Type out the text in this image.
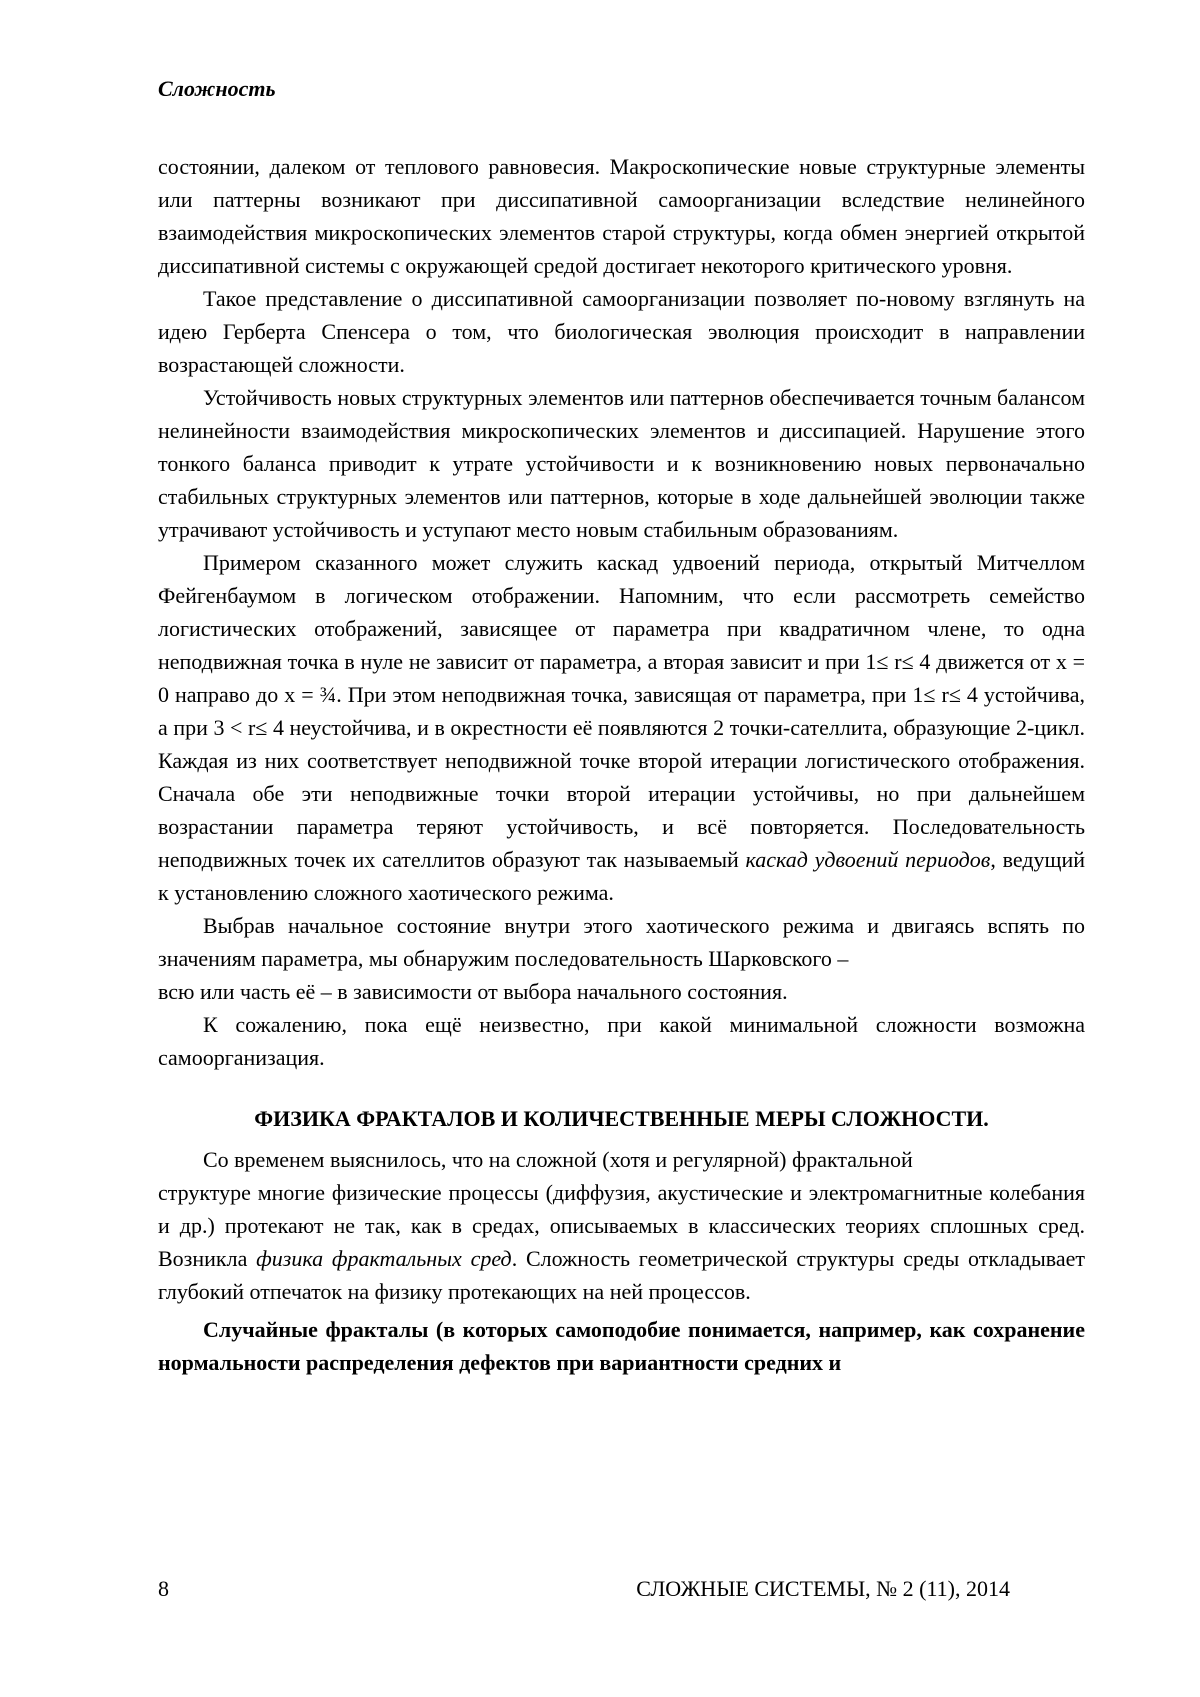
Сложность

состоянии, далеком от теплового равновесия. Макроскопические новые структурные элементы или паттерны возникают при диссипативной самоорганизации вследствие нелинейного взаимодействия микроскопических элементов старой структуры, когда обмен энергией открытой диссипативной системы с окружающей средой достигает некоторого критического уровня.

Такое представление о диссипативной самоорганизации позволяет по-новому взглянуть на идею Герберта Спенсера о том, что биологическая эволюция происходит в направлении возрастающей сложности.

Устойчивость новых структурных элементов или паттернов обеспечивается точным балансом нелинейности взаимодействия микроскопических элементов и диссипацией. Нарушение этого тонкого баланса приводит к утрате устойчивости и к возникновению новых первоначально стабильных структурных элементов или паттернов, которые в ходе дальнейшей эволюции также утрачивают устойчивость и уступают место новым стабильным образованиям.

Примером сказанного может служить каскад удвоений периода, открытый Митчеллом Фейгенбаумом в логическом отображении. Напомним, что если рассмотреть семейство логистических отображений, зависящее от параметра при квадратичном члене, то одна неподвижная точка в нуле не зависит от параметра, а вторая зависит и при 1≤ r≤ 4 движется от x = 0 направо до x = ¾. При этом неподвижная точка, зависящая от параметра, при 1≤ r≤ 4 устойчива, а при 3 < r≤ 4 неустойчива, и в окрестности её появляются 2 точки-сателлита, образующие 2-цикл. Каждая из них соответствует неподвижной точке второй итерации логистического отображения. Сначала обе эти неподвижные точки второй итерации устойчивы, но при дальнейшем возрастании параметра теряют устойчивость, и всё повторяется. Последовательность неподвижных точек их сателлитов образуют так называемый каскад удвоений периодов, ведущий к установлению сложного хаотического режима.

Выбрав начальное состояние внутри этого хаотического режима и двигаясь вспять по значениям параметра, мы обнаружим последовательность Шарковского –
всю или часть её – в зависимости от выбора начального состояния.

К сожалению, пока ещё неизвестно, при какой минимальной сложности возможна самоорганизация.

ФИЗИКА ФРАКТАЛОВ И КОЛИЧЕСТВЕННЫЕ МЕРЫ СЛОЖНОСТИ.

Со временем выяснилось, что на сложной (хотя и регулярной) фрактальной
структуре многие физические процессы (диффузия, акустические и электромагнитные колебания и др.) протекают не так, как в средах, описываемых в классических теориях сплошных сред. Возникла физика фрактальных сред. Сложность геометрической структуры среды откладывает глубокий отпечаток на физику протекающих на ней процессов.

Случайные фракталы (в которых самоподобие понимается, например, как сохранение нормальности распределения дефектов при вариантности средних и

8	СЛОЖНЫЕ СИСТЕМЫ, № 2 (11), 2014
